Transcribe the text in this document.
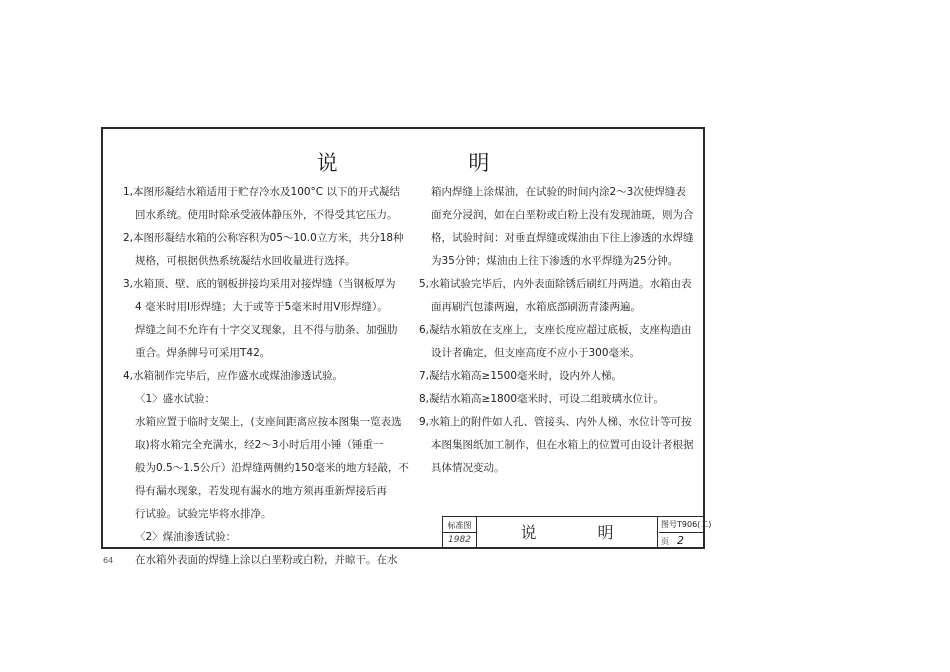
说 明

1,本图形凝结水箱适用于贮存冷水及100°C 以下的开式凝结

回水系统。使用时除承受液体静压外，不得受其它压力。

2,本图形凝结水箱的公称容积为05～10.0立方米，共分18种

规格，可根据供热系统凝结水回收量进行选择。

3,水箱顶、壁、底的钢板拼接均采用对接焊缝（当钢板厚为

4 毫米时用Ⅰ形焊缝；大于或等于5毫米时用Ⅴ形焊缝）。

焊缝之间不允许有十字交叉现象，且不得与肋条、加强肋

重合。焊条牌号可采用T42。

4,水箱制作完毕后，应作盛水或煤油渗透试验。

〈1〉盛水试验：

水箱应置于临时支架上，(支座间距离应按本图集一览表选

取)将水箱完全充满水，经2～3小时后用小锤（锤重一

般为0.5～1.5公斤）沿焊缝两侧约150毫米的地方轻敲，不

得有漏水现象，若发现有漏水的地方须再重新焊接后再

行试验。试验完毕将水排净。

〈2〉煤油渗透试验：

在水箱外表面的焊缝上涂以白垩粉或白粉，并晾干。在水

箱内焊缝上涂煤油，在试验的时间内涂2～3次使焊缝表

面充分浸润，如在白垩粉或白粉上没有发现油斑，则为合

格，试验时间：对垂直焊缝或煤油由下往上渗透的水焊缝

为35分钟；煤油由上往下渗透的水平焊缝为25分钟。

5,水箱试验完毕后，内外表面除锈后刷红丹两道。水箱由表

面再刷汽包漆两遍，水箱底部刷沥青漆两遍。

6,凝结水箱放在支座上，支座长度应超过底板，支座构造由

设计者确定，但支座高度不应小于300毫米。

7,凝结水箱高≥1500毫米时，设内外人梯。

8,凝结水箱高≥1800毫米时，可设二组玻璃水位计。

9,水箱上的附件如人孔、管接头、内外人梯、水位计等可按

本图集图纸加工制作，但在水箱上的位置可由设计者根据

具体情况变动。

标准图
1982	说 明	图号T906(二)
页 2
64
